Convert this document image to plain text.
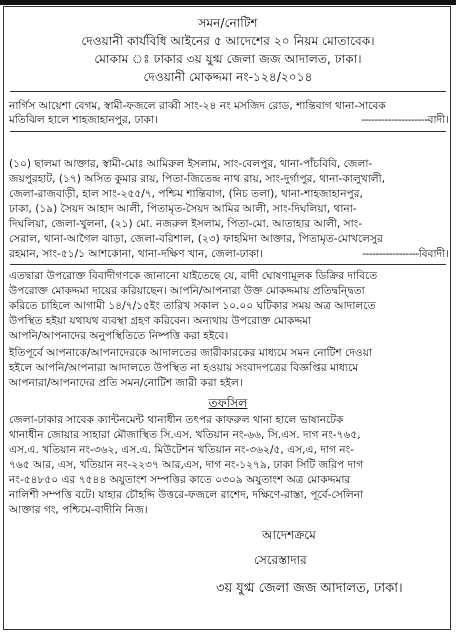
সমন/নোটিশ

দেওয়ানী কার্যবিধি আইনের ৫ আদেশের ২০ নিয়ম মোতাবেক।

মোকাম ঃ ঢাকার ৩য় যুগ্ম জেলা জজ আদালত, ঢাকা।

দেওয়ানী মোকদ্দমা নং-১২৪/২০১৪

নার্গিস আয়েশা বেগম, স্বামী-ফজলে রাব্বী সাং-২৪ নং মসজিদ রোড, শান্তিবাগ থানা-সাবেক

মতিঝিল হালে শাহজাহানপুর, ঢাকা।	--------------------বাদী।

(১০) ছালমা আক্তার, স্বামী-মোঃ আমিরুল ইসলাম, সাং-বেলপুর, থানা-পাঁচবিবি, জেলা-

জয়পুরহাট, (১৭) অসিত কুমার রায়, পিতা-জিতেন্দ্র নাথ রায়, সাং-দুর্গাপুর, থানা-কালুখালী,

জেলা-রাজবাড়ী, হাল সাং-২৫৫/৭, পশ্চিম শান্তিবাগ, (নিচ তলা), থানা-শাহজাহানপুর,

ঢাকা, (১৯) সৈয়দ আহাদ আলী, পিতামৃত-সৈয়দ আমির আলী, সাং-দিঘলিয়া, থানা-

দিঘলিয়া, জেলা-খুলনা, (২১) মো. নজরুল ইসলাম, পিতা-মো. আতাহার আলী, সাং-

সেরাল, থানা-আগৈল ঝাড়া, জেলা-বরিশাল, (২৩) ফাহমিদা আক্তার, পিতামৃত-মোখলেসুর

রহমান, সাং-৫১/১ আশকোনা, থানা-দক্ষিণ খান, জেলা-ঢাকা।	-----------------বিবাদী।

এতদ্বারা উপরোক্ত বিবাদীগণকে জানানো যাইতেছে যে, বাদী ঘোষণামূলক ডিক্রির দাবিতে

উপরোক্ত মোকদ্দমা দায়ের করিয়াছেন। আপনি/আপনারা উক্ত মোকদ্দমায় প্রতিদ্বন্দ্বিতা

করিতে চাহিলে আগামী ১৪/৭/১৫ইং তারিখ সকাল ১০.০০ ঘটিকার সময় অত্র আদালতে

উপস্থিত হইয়া যথাযথ ব্যবস্থা গ্রহণ করিবেন। অন্যথায় উপরোক্ত মোকদ্দমা

আপনি/আপনাদের অনুপস্থিতিতে নিষ্পত্তি করা হইবে।

ইতিপূর্বে আপনাকে/আপনাদেরকে আদালতের জারীকারকের মাধ্যমে সমন নোটিশ দেওয়া

হইলে আপনি/আপনারা আদালতে উপস্থিত না হওয়ায় সংবাদপত্রের বিজ্ঞপ্তির মাধ্যমে

আপনারা/আপনাদের প্রতি সমন/নোটিশ জারী করা হইল।

তফসিল

জেলা-ঢাকার সাবেক ক্যান্টনমেন্ট থানাধীন তৎপর কাফরুল থানা হালে ভাষানটেক

থানাধীন জোয়ার সাহারা মৌজাস্থিত সি.এস. খতিয়ান নং-৬৬, সি.এস. দাগ নং-৭৬৫,

এস.এ. খতিয়ান নং-৩৬২, এস.এ. মিউটেশন খতিয়ান নং-৩৬২/৫, এস,এ, দাগ নং-

৭৬৫ আর, এস, খতিয়ান নং-২২৩৭ আর,এস, দাগ নং-১২৭৯, ঢাকা সিটি জরিপ দাগ

নং-৫৪৮৫০ এর ৭৫৪৪ অযুতাংশ সম্পত্তির কাতে ০৩০৯ অযুতাংশ অত্র মোকদ্দমার

নালিশী সম্পত্তি বটে। যাহার চৌহদ্দি উত্তরে-ফজলে রাশেদ, দক্ষিণে-রাস্তা, পূর্বে-সেলিনা

আক্তার গং, পশ্চিমে-বাদীনি নিজ।

আদেশক্রমে

সেরেস্তাদার

৩য় যুগ্ম জেলা জজ আদালত, ঢাকা।
